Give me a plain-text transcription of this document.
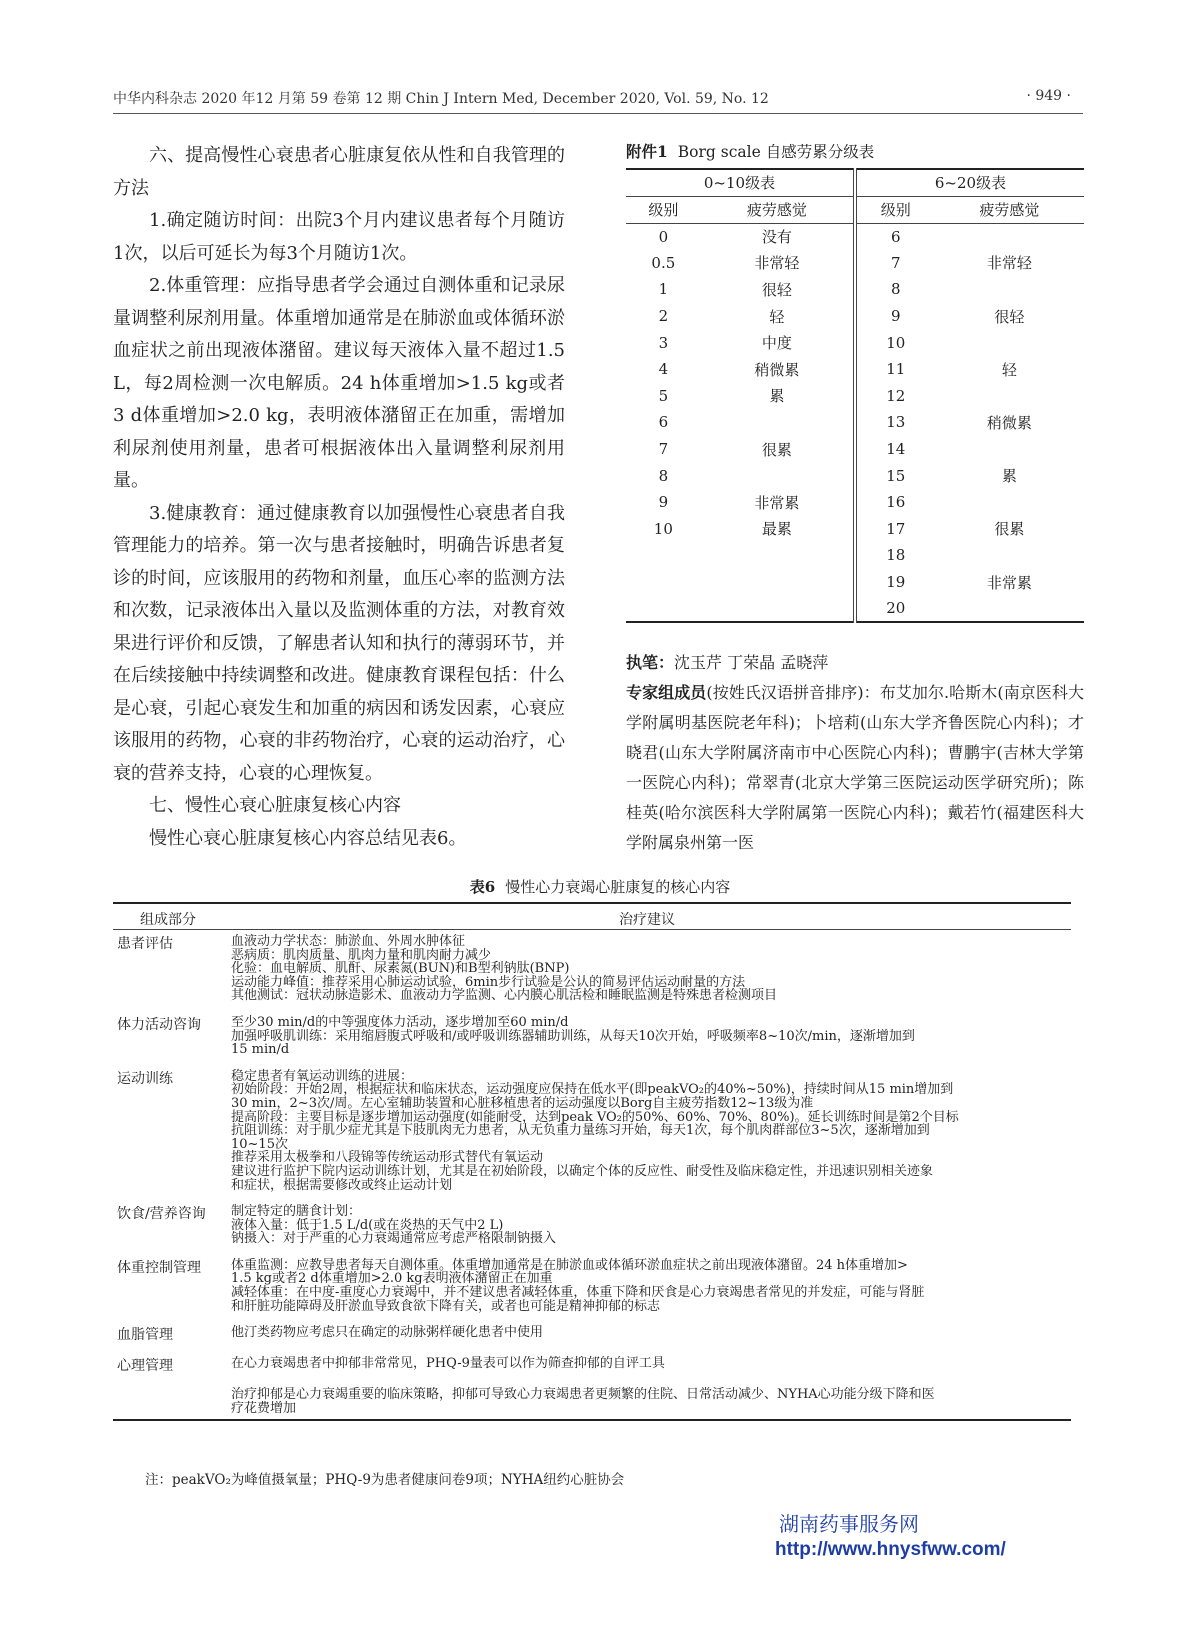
中华内科杂志 2020 年12 月第 59 卷第 12 期 Chin J Intern Med, December 2020, Vol. 59, No. 12	· 949 ·

六、提高慢性心衰患者心脏康复依从性和自我管理的方法

1.确定随访时间：出院3个月内建议患者每个月随访1次，以后可延长为每3个月随访1次。

2.体重管理：应指导患者学会通过自测体重和记录尿量调整利尿剂用量。体重增加通常是在肺淤血或体循环淤血症状之前出现液体潴留。建议每天液体入量不超过1.5 L，每2周检测一次电解质。24 h体重增加>1.5 kg或者3 d体重增加>2.0 kg，表明液体潴留正在加重，需增加利尿剂使用剂量，患者可根据液体出入量调整利尿剂用量。

3.健康教育：通过健康教育以加强慢性心衰患者自我管理能力的培养。第一次与患者接触时，明确告诉患者复诊的时间，应该服用的药物和剂量，血压心率的监测方法和次数，记录液体出入量以及监测体重的方法，对教育效果进行评价和反馈，了解患者认知和执行的薄弱环节，并在后续接触中持续调整和改进。健康教育课程包括：什么是心衰，引起心衰发生和加重的病因和诱发因素，心衰应该服用的药物，心衰的非药物治疗，心衰的运动治疗，心衰的营养支持，心衰的心理恢复。

七、慢性心衰心脏康复核心内容

慢性心衰心脏康复核心内容总结见表6。

附件1 Borg scale 自感劳累分级表
0~10级表		6~20级表	
级别	疲劳感觉	级别	疲劳感觉
0	没有	6	
0.5	非常轻	7	非常轻
1	很轻	8	
2	轻	9	很轻
3	中度	10	
4	稍微累	11	轻
5	累	12	
6		13	稍微累
7	很累	14	
8		15	累
9	非常累	16	
10	最累	17	很累
		18	
		19	非常累
		20	

执笔：沈玉芹 丁荣晶 孟晓萍

专家组成员(按姓氏汉语拼音排序)：布艾加尔.哈斯木(南京医科大学附属明基医院老年科)；卜培莉(山东大学齐鲁医院心内科)；才晓君(山东大学附属济南市中心医院心内科)；曹鹏宇(吉林大学第一医院心内科)；常翠青(北京大学第三医院运动医学研究所)；陈桂英(哈尔滨医科大学附属第一医院心内科)；戴若竹(福建医科大学附属泉州第一医

表6 慢性心力衰竭心脏康复的核心内容
组成部分	治疗建议
患者评估	血液动力学状态：肺淤血、外周水肿体征
恶病质：肌肉质量、肌肉力量和肌肉耐力减少
化验：血电解质、肌酐、尿素氮(BUN)和B型利钠肽(BNP)
运动能力峰值：推荐采用心肺运动试验，6min步行试验是公认的简易评估运动耐量的方法
其他测试：冠状动脉造影术、血液动力学监测、心内膜心肌活检和睡眠监测是特殊患者检测项目
体力活动咨询	至少30 min/d的中等强度体力活动，逐步增加至60 min/d
加强呼吸肌训练：采用缩唇腹式呼吸和/或呼吸训练器辅助训练，从每天10次开始，呼吸频率8~10次/min，逐渐增加到
15 min/d
运动训练	稳定患者有氧运动训练的进展：
初始阶段：开始2周，根据症状和临床状态，运动强度应保持在低水平(即peakVO₂的40%~50%)，持续时间从15 min增加到
30 min，2~3次/周。左心室辅助装置和心脏移植患者的运动强度以Borg自主疲劳指数12~13级为准
提高阶段：主要目标是逐步增加运动强度(如能耐受，达到peak VO₂的50%、60%、70%、80%)。延长训练时间是第2个目标
抗阻训练：对于肌少症尤其是下肢肌肉无力患者，从无负重力量练习开始，每天1次，每个肌肉群部位3~5次，逐渐增加到
10~15次
推荐采用太极拳和八段锦等传统运动形式替代有氧运动
建议进行监护下院内运动训练计划，尤其是在初始阶段，以确定个体的反应性、耐受性及临床稳定性，并迅速识别相关迹象
和症状，根据需要修改或终止运动计划
饮食/营养咨询	制定特定的膳食计划：
液体入量：低于1.5 L/d(或在炎热的天气中2 L)
钠摄入：对于严重的心力衰竭通常应考虑严格限制钠摄入
体重控制管理	体重监测：应教导患者每天自测体重。体重增加通常是在肺淤血或体循环淤血症状之前出现液体潴留。24 h体重增加>
1.5 kg或者2 d体重增加>2.0 kg表明液体潴留正在加重
减轻体重：在中度-重度心力衰竭中，并不建议患者减轻体重，体重下降和厌食是心力衰竭患者常见的并发症，可能与肾脏
和肝脏功能障碍及肝淤血导致食欲下降有关，或者也可能是精神抑郁的标志
血脂管理	他汀类药物应考虑只在确定的动脉粥样硬化患者中使用
心理管理	在心力衰竭患者中抑郁非常常见，PHQ-9量表可以作为筛查抑郁的自评工具
治疗抑郁是心力衰竭重要的临床策略，抑郁可导致心力衰竭患者更频繁的住院、日常活动减少、NYHA心功能分级下降和医
疗花费增加
注：peakVO₂为峰值摄氧量；PHQ-9为患者健康问卷9项；NYHA纽约心脏协会
湖南药事服务网
http://www.hnysfww.com/
